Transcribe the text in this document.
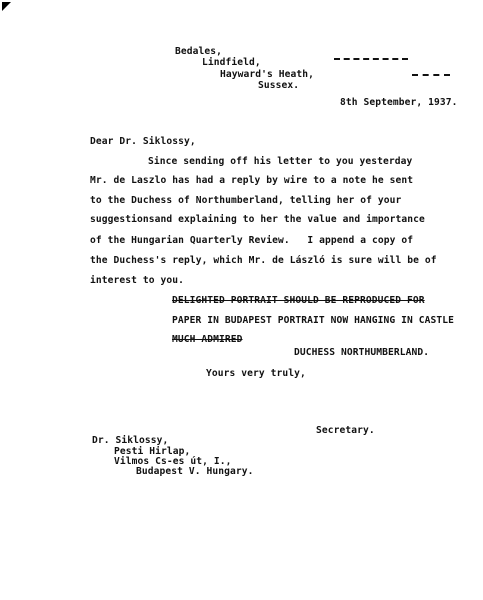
Bedales,
Lindfield,
Hayward's Heath,
Sussex.
8th September, 1937.
Dear Dr. Siklossy,
Since sending off his letter to you yesterday
Mr. de Laszlo has had a reply by wire to a note he sent
to the Duchess of Northumberland, telling her of your
suggestionsand explaining to her the value and importance
of the Hungarian Quarterly Review.   I append a copy of
the Duchess's reply, which Mr. de László is sure will be of
interest to you.
DELIGHTED PORTRAIT SHOULD BE REPRODUCED FOR
PAPER IN BUDAPEST PORTRAIT NOW HANGING IN CASTLE
MUCH ADMIRED
DUCHESS NORTHUMBERLAND.
Yours very truly,
Secretary.
Dr. Siklossy,
Pesti Hirlap,
Vilmos Cs-es út, I.,
Budapest V. Hungary.
